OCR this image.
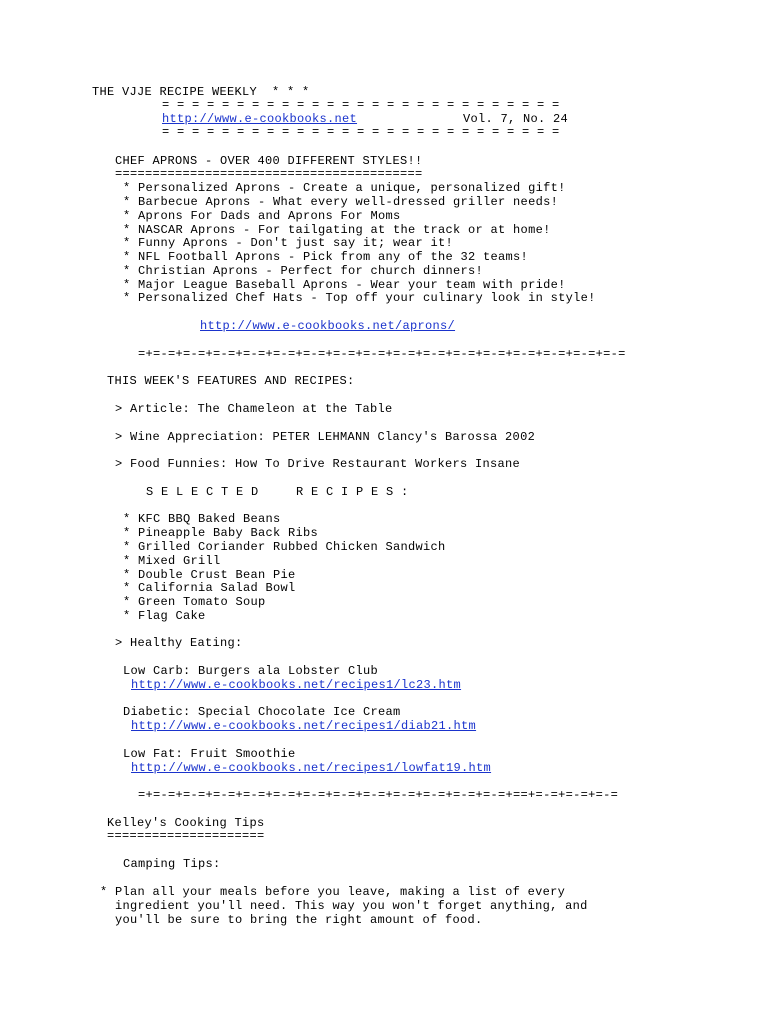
THE VJJE RECIPE WEEKLY  * * *
= = = = = = = = = = = = = = = = = = = = = = = = = = =
http://www.e-cookbooks.net	Vol. 7, No. 24
= = = = = = = = = = = = = = = = = = = = = = = = = = =
CHEF APRONS - OVER 400 DIFFERENT STYLES!!
=========================================
* Personalized Aprons - Create a unique, personalized gift!
* Barbecue Aprons - What every well-dressed griller needs!
* Aprons For Dads and Aprons For Moms
* NASCAR Aprons - For tailgating at the track or at home!
* Funny Aprons - Don't just say it; wear it!
* NFL Football Aprons - Pick from any of the 32 teams!
* Christian Aprons - Perfect for church dinners!
* Major League Baseball Aprons - Wear your team with pride!
* Personalized Chef Hats - Top off your culinary look in style!
http://www.e-cookbooks.net/aprons/
=+=-=+=-=+=-=+=-=+=-=+=-=+=-=+=-=+=-=+=-=+=-=+=-=+=-=+=-=+=-=+=-=
THIS WEEK'S FEATURES AND RECIPES:
> Article: The Chameleon at the Table
> Wine Appreciation: PETER LEHMANN Clancy's Barossa 2002
> Food Funnies: How To Drive Restaurant Workers Insane
S E L E C T E D     R E C I P E S :
* KFC BBQ Baked Beans
* Pineapple Baby Back Ribs
* Grilled Coriander Rubbed Chicken Sandwich
* Mixed Grill
* Double Crust Bean Pie
* California Salad Bowl
* Green Tomato Soup
* Flag Cake
> Healthy Eating:
Low Carb: Burgers ala Lobster Club
http://www.e-cookbooks.net/recipes1/lc23.htm
Diabetic: Special Chocolate Ice Cream
http://www.e-cookbooks.net/recipes1/diab21.htm
Low Fat: Fruit Smoothie
http://www.e-cookbooks.net/recipes1/lowfat19.htm
=+=-=+=-=+=-=+=-=+=-=+=-=+=-=+=-=+=-=+=-=+=-=+=-=+==+=-=+=-=+=-=
Kelley's Cooking Tips
=====================
Camping Tips:
* Plan all your meals before you leave, making a list of every
ingredient you'll need. This way you won't forget anything, and
you'll be sure to bring the right amount of food.
